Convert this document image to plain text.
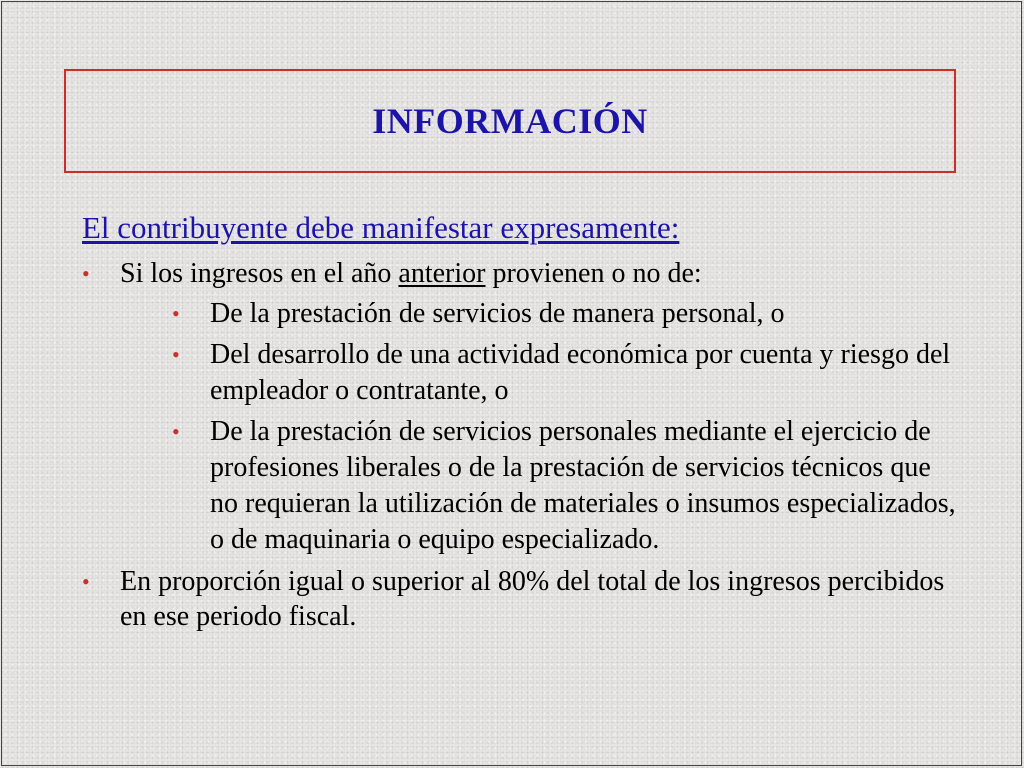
INFORMACIÓN
El contribuyente debe manifestar expresamente:
• Si los ingresos en el año anterior provienen o no de:
• De la prestación de servicios de manera personal, o
• Del desarrollo de una actividad económica por cuenta y riesgo del empleador o contratante, o
• De la prestación de servicios personales mediante el ejercicio de profesiones liberales o de la prestación de servicios técnicos que no requieran la utilización de materiales o insumos especializados, o de maquinaria o equipo especializado.
• En proporción igual o superior al 80% del total de los ingresos percibidos en ese periodo fiscal.
